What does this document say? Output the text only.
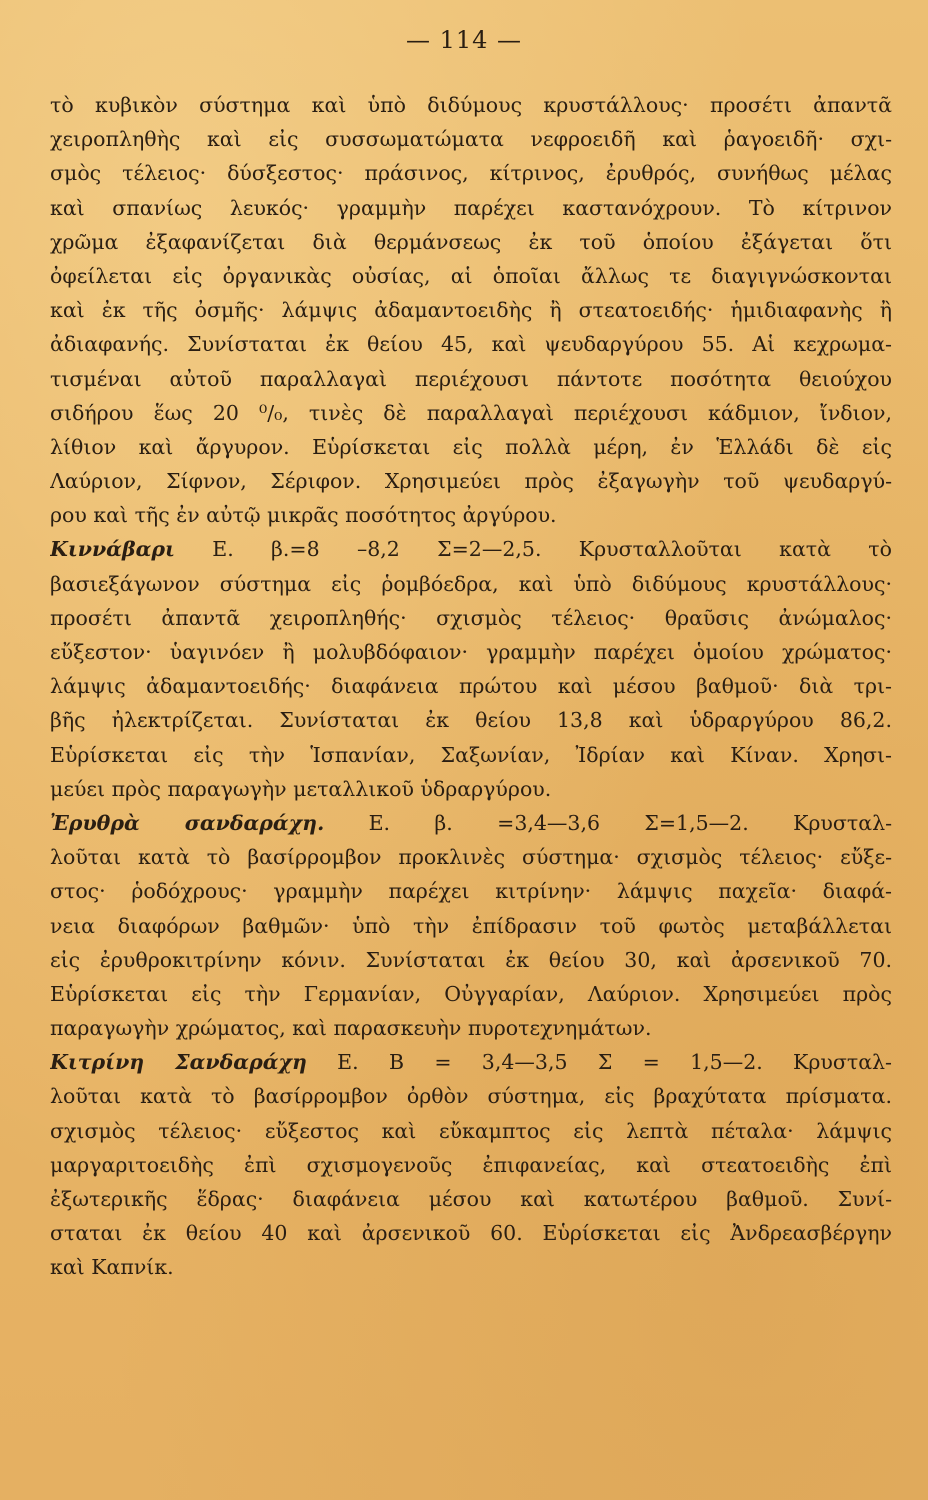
— 114 —
τὸ κυβικὸν σύστημα καὶ ὑπὸ διδύμους κρυστάλλους· προσέτι ἀπαντᾶ
χειροπληθὴς καὶ εἰς συσσωματώματα νεφροειδῆ καὶ ῥαγοειδῆ· σχι-
σμὸς τέλειος· δύσξεστος· πράσινος, κίτρινος, ἐρυθρός, συνήθως μέλας
καὶ σπανίως λευκός· γραμμὴν παρέχει καστανόχρουν. Τὸ κίτρινον
χρῶμα ἐξαφανίζεται διὰ θερμάνσεως ἐκ τοῦ ὁποίου ἐξάγεται ὅτι
ὀφείλεται εἰς ὀργανικὰς οὐσίας, αἱ ὁποῖαι ἄλλως τε διαγιγνώσκονται
καὶ ἐκ τῆς ὀσμῆς· λάμψις ἀδαμαντοειδὴς ἢ στεατοειδής· ἡμιδιαφανὴς ἢ
ἀδιαφανής. Συνίσταται ἐκ θείου 45, καὶ ψευδαργύρου 55. Αἱ κεχρωμα-
τισμέναι αὐτοῦ παραλλαγαὶ περιέχουσι πάντοτε ποσότητα θειούχου
σιδήρου ἕως 20 ⁰/₀, τινὲς δὲ παραλλαγαὶ περιέχουσι κάδμιον, ἴνδιον,
λίθιον καὶ ἄργυρον. Εὑρίσκεται εἰς πολλὰ μέρη, ἐν Ἑλλάδι δὲ εἰς
Λαύριον, Σίφνον, Σέριφον. Χρησιμεύει πρὸς ἐξαγωγὴν τοῦ ψευδαργύ-
ρου καὶ τῆς ἐν αὐτῷ μικρᾶς ποσότητος ἀργύρου.
Κιννάβαρι Ε. β.=8 –8,2 Σ=2—2,5. Κρυσταλλοῦται κατὰ τὸ
βασιεξάγωνον σύστημα εἰς ῥομβόεδρα, καὶ ὑπὸ διδύμους κρυστάλλους·
προσέτι ἀπαντᾶ χειροπληθής· σχισμὸς τέλειος· θραῦσις ἀνώμαλος·
εὔξεστον· ὑαγινόεν ἢ μολυβδόφαιον· γραμμὴν παρέχει ὁμοίου χρώματος·
λάμψις ἀδαμαντοειδής· διαφάνεια πρώτου καὶ μέσου βαθμοῦ· διὰ τρι-
βῆς ἠλεκτρίζεται. Συνίσταται ἐκ θείου 13,8 καὶ ὑδραργύρου 86,2.
Εὑρίσκεται εἰς τὴν Ἱσπανίαν, Σαξωνίαν, Ἰδρίαν καὶ Κίναν. Χρησι-
μεύει πρὸς παραγωγὴν μεταλλικοῦ ὑδραργύρου.
Ἐρυθρὰ σανδαράχη. Ε. β. =3,4—3,6 Σ=1,5—2. Κρυσταλ-
λοῦται κατὰ τὸ βασίρρομβον προκλινὲς σύστημα· σχισμὸς τέλειος· εὔξε-
στος· ῥοδόχρους· γραμμὴν παρέχει κιτρίνην· λάμψις παχεῖα· διαφά-
νεια διαφόρων βαθμῶν· ὑπὸ τὴν ἐπίδρασιν τοῦ φωτὸς μεταβάλλεται
εἰς ἐρυθροκιτρίνην κόνιν. Συνίσταται ἐκ θείου 30, καὶ ἀρσενικοῦ 70.
Εὑρίσκεται εἰς τὴν Γερμανίαν, Οὐγγαρίαν, Λαύριον. Χρησιμεύει πρὸς
παραγωγὴν χρώματος, καὶ παρασκευὴν πυροτεχνημάτων.
Κιτρίνη Σανδαράχη Ε. Β = 3,4—3,5 Σ = 1,5—2. Κρυσταλ-
λοῦται κατὰ τὸ βασίρρομβον ὀρθὸν σύστημα, εἰς βραχύτατα πρίσματα.
σχισμὸς τέλειος· εὔξεστος καὶ εὔκαμπτος εἰς λεπτὰ πέταλα· λάμψις
μαργαριτοειδὴς ἐπὶ σχισμογενοῦς ἐπιφανείας, καὶ στεατοειδὴς ἐπὶ
ἐξωτερικῆς ἕδρας· διαφάνεια μέσου καὶ κατωτέρου βαθμοῦ. Συνί-
σταται ἐκ θείου 40 καὶ ἀρσενικοῦ 60. Εὑρίσκεται εἰς Ἀνδρεασβέργην
καὶ Καπνίκ.
